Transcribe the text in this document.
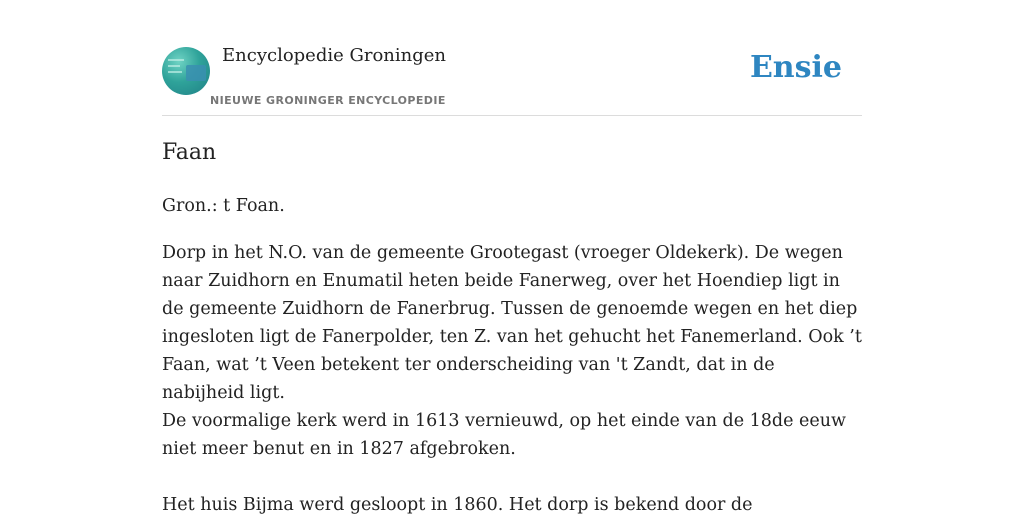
Encyclopedie Groningen
NIEUWE GRONINGER ENCYCLOPEDIE
Ensie
Faan

Gron.: t Foan.

Dorp in het N.O. van de gemeente Grootegast (vroeger Oldekerk). De wegen naar Zuidhorn en Enumatil heten beide Fanerweg, over het Hoendiep ligt in de gemeente Zuidhorn de Fanerbrug. Tussen de genoemde wegen en het diep ingesloten ligt de Fanerpolder, ten Z. van het gehucht het Fanemerland. Ook ’t Faan, wat ’t Veen betekent ter onderscheiding van 't Zandt, dat in de nabijheid ligt.

De voormalige kerk werd in 1613 vernieuwd, op het einde van de 18de eeuw niet meer benut en in 1827 afgebroken.

Het huis Bijma werd gesloopt in 1860. Het dorp is bekend door de
